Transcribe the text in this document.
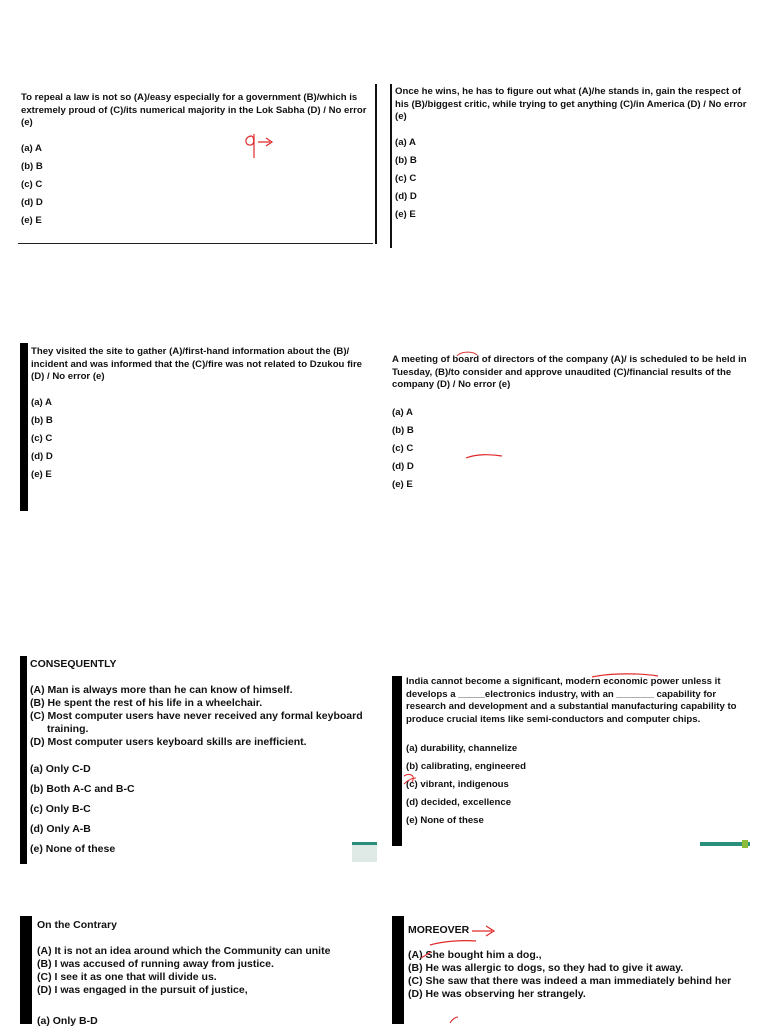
To repeal a law is not so (A)/easy especially for a government (B)/which is extremely proud of (C)/its numerical majority in the Lok Sabha (D) / No error (e)

(a) A
(b) B
(c) C
(d) D
(e) E

Once he wins, he has to figure out what (A)/he stands in, gain the respect of his (B)/biggest critic, while trying to get anything (C)/in America (D) / No error (e)

(a) A
(b) B
(c) C
(d) D
(e) E

They visited the site to gather (A)/first-hand information about the (B)/ incident and was informed that the (C)/fire was not related to Dzukou fire (D) / No error (e)

(a) A
(b) B
(c) C
(d) D
(e) E

A meeting of board of directors of the company (A)/ is scheduled to be held in Tuesday, (B)/to consider and approve unaudited (C)/financial results of the company (D) / No error (e)

(a) A
(b) B
(c) C
(d) D
(e) E
CONSEQUENTLY

(A) Man is always more than he can know of himself.

(B) He spent the rest of his life in a wheelchair.

(C) Most computer users have never received any formal keyboard

training.

(D) Most computer users keyboard skills are inefficient.

(a) Only C-D
(b) Both A-C and B-C
(c) Only B-C
(d) Only A-B
(e) None of these

India cannot become a significant, modern economic power unless it develops a _____electronics industry, with an _______ capability for research and development and a substantial manufacturing capability to produce crucial items like semi-conductors and computer chips.

(a) durability, channelize
(b) calibrating, engineered
(c) vibrant, indigenous
(d) decided, excellence
(e) None of these
On the Contrary

(A) It is not an idea around which the Community can unite

(B) I was accused of running away from justice.

(C) I see it as one that will divide us.

(D) I was engaged in the pursuit of justice,

(a) Only B-D
MOREOVER

(A) She bought him a dog.,

(B) He was allergic to dogs, so they had to give it away.

(C) She saw that there was indeed a man immediately behind her

(D) He was observing her strangely.
